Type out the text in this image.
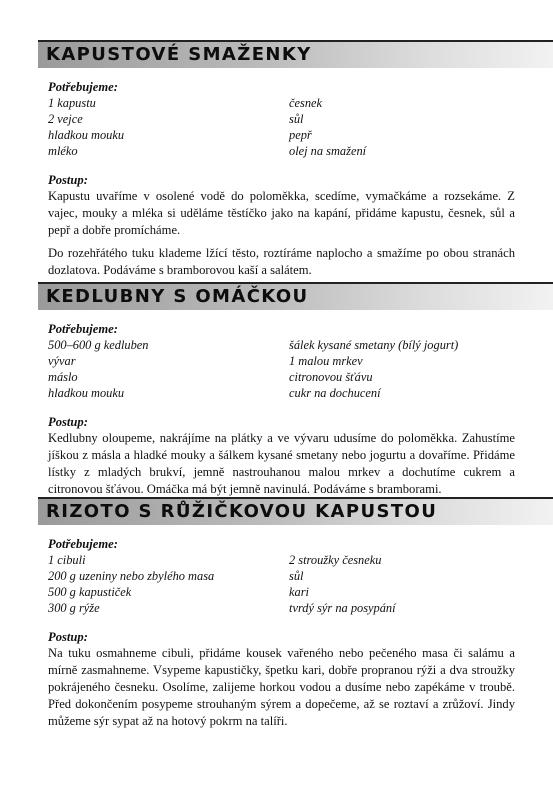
KAPUSTOVÉ SMAŽENKY
Potřebujeme:
1 kapustu	česnek
2 vejce	sůl
hladkou mouku	pepř
mléko	olej na smažení
Postup:

Kapustu uvaříme v osolené vodě do poloměkka, scedíme, vymačkáme a rozsekáme. Z vajec, mouky a mléka si uděláme těstíčko jako na kapání, přidáme kapustu, česnek, sůl a pepř a dobře promícháme.

Do rozehřátého tuku klademe lžící těsto, roztíráme naplocho a smažíme po obou stranách dozlatova. Podáváme s bramborovou kaší a salátem.

KEDLUBNY S OMÁČKOU
Potřebujeme:
500–600 g kedluben	šálek kysané smetany (bílý jogurt)
vývar	1 malou mrkev
máslo	citronovou šťávu
hladkou mouku	cukr na dochucení
Postup:

Kedlubny oloupeme, nakrájíme na plátky a ve vývaru udusíme do poloměkka. Zahustíme jíškou z másla a hladké mouky a šálkem kysané smetany nebo jogurtu a dovaříme. Přidáme lístky z mladých brukví, jemně nastrouhanou malou mrkev a dochutíme cukrem a citronovou šťávou. Omáčka má být jemně navinulá. Podáváme s bramborami.

RIZOTO S RŮŽIČKOVOU KAPUSTOU
Potřebujeme:
1 cibuli	2 stroužky česneku
200 g uzeniny nebo zbylého masa	sůl
500 g kapustiček	kari
300 g rýže	tvrdý sýr na posypání
Postup:

Na tuku osmahneme cibuli, přidáme kousek vařeného nebo pečeného masa či salámu a mírně zasmahneme. Vsypeme kapustičky, špetku kari, dobře propranou rýži a dva stroužky pokrájeného česneku. Osolíme, zalijeme horkou vodou a dusíme nebo zapékáme v troubě. Před dokončením posypeme strouhaným sýrem a dopečeme, až se roztaví a zrůžoví. Jindy můžeme sýr sypat až na hotový pokrm na talíři.
